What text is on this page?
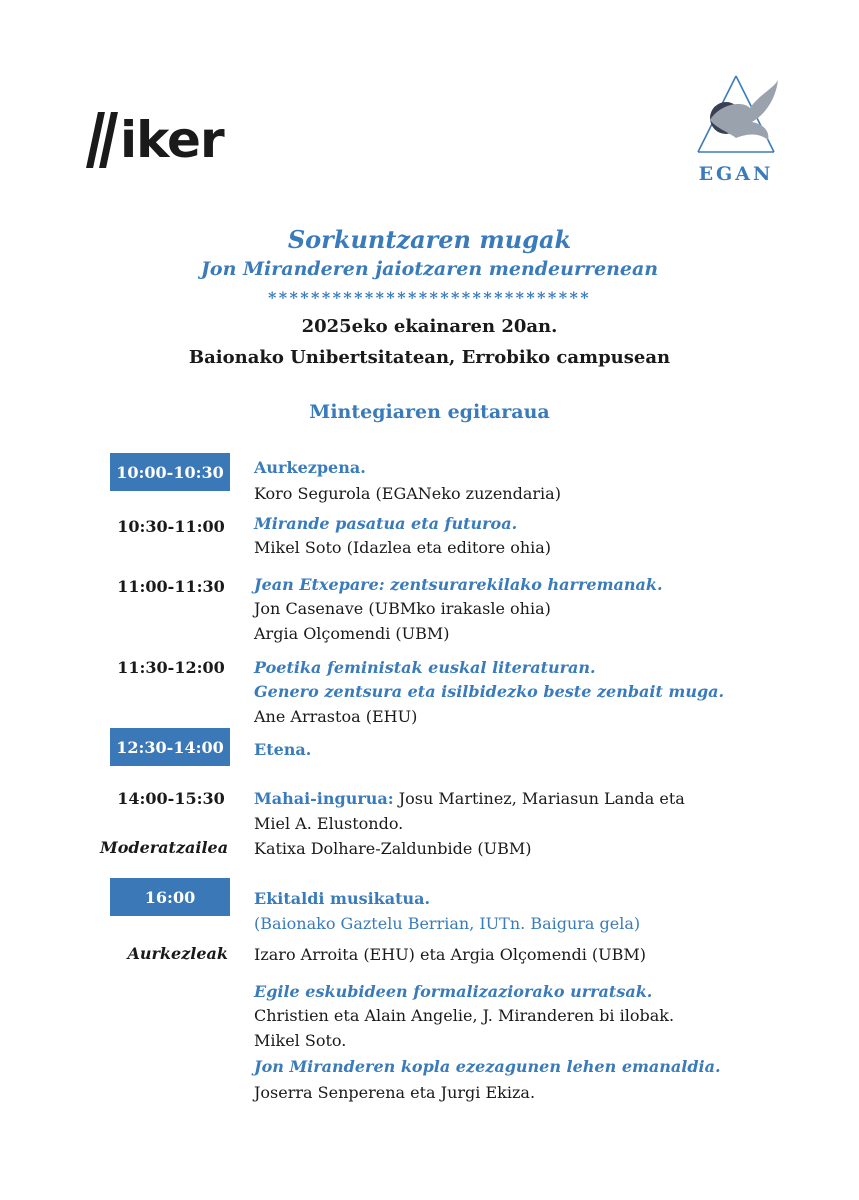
iker
EGAN
Sorkuntzaren mugak
Jon Miranderen jaiotzaren mendeurrenean
******************************
2025eko ekainaren 20an.
Baionako Unibertsitatean, Errobiko campusean
Mintegiaren egitaraua
10:00-10:30	Aurkezpena.
Koro Segurola (EGANeko zuzendaria)
10:30-11:00	Mirande pasatua eta futuroa.
Mikel Soto (Idazlea eta editore ohia)
11:00-11:30	Jean Etxepare: zentsurarekilako harremanak.
Jon Casenave (UBMko irakasle ohia)
Argia Olçomendi (UBM)
11:30-12:00	Poetika feministak euskal literaturan.
Genero zentsura eta isilbidezko beste zenbait muga.
Ane Arrastoa (EHU)
12:30-14:00	Etena.
14:00-15:30	Mahai-ingurua: Josu Martinez, Mariasun Landa eta
Miel A. Elustondo.
Moderatzailea Katixa Dolhare-Zaldunbide (UBM)
16:00	Ekitaldi musikatua.
(Baionako Gaztelu Berrian, IUTn. Baigura gela)
Aurkezleak Izaro Arroita (EHU) eta Argia Olçomendi (UBM)
Egile eskubideen formalizaziorako urratsak.
Christien eta Alain Angelie, J. Miranderen bi ilobak.
Mikel Soto.
Jon Miranderen kopla ezezagunen lehen emanaldia.
Joserra Senperena eta Jurgi Ekiza.
